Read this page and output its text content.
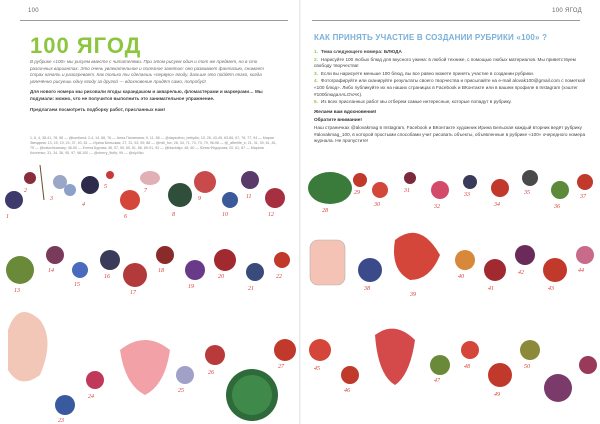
100
100 ЯГОД

В рубрике «100» мы рисуем вместе с читателями. При этом рисуем один и тот же предмет, но в сто различных вариантах. Это очень увлекательное и полезное занятие: оно развивает фантазию, снимает страх начать и разогревает. Как только ты сделаешь «первую» ягоду, дальше это пойдёт легко, когда увлечённо рисуешь одну ягоду за другой — вдохновение придёт само, попробуй!

Для нового номера мы рисовали ягоды карандашом и акварелью, фломастерами и маркерами… Мы подумали: можно, что не получится выполнить это занимательное упражнение.

Предлагаем посмотреть подборку работ, присланных нам!

1, 6, 4, 38-41, 78, 98 — @tomiland; 2-4, 14, 66, 76 — Анна Пилаткина; 5, 11, 58 — @daysofmo_bettydis; 10, 26, 43-45, 63-66, 67, 76, 77, 94 — Мария Звездина; 13, 15, 19, 24, 37, 40, 81 — Ирина Бельская; 27, 31, 53, 59, 88 — @mili_fox; 28, 34, 71, 73, 74, 79, 96-98 — @_afterlife_s; 21, 31, 39, 61, 81, 79 — @natochkamary; 46-50 — Елена Бурова; 46, 57, 59, 65, 81, 86, 89-91, 93 — @blacktsjo; 48, 60 — Юлия Фёдорова; 20, 61, 87 — Марина Костенко; 31, 34, 36, 95, 97, 98-100 — @cherry_fluffy; 99 — @sly.lilko.
100 ЯГОД
КАК ПРИНЯТЬ УЧАСТИЕ В СОЗДАНИИ РУБРИКИ «100» ?
1. Тема следующего номера: БЛЮДА
2. Нарисуйте 100 любых блюд для вкусного ужина: в любой технике, с помощью любых материалов. Мы приветствуем свободу творчества!
3. Если вы нарисуете меньше 100 блюд, вы все равно можете принять участие в создании рубрики.
4. Фотографируйте или сканируйте результаты своего творчества и присылайте на e-mail alovak100@gmail.com с пометкой «100 блюд». Либо публикуйте их на наших страницах в Facebook и ВКонтакте или в вашем профиле в Instagram (хэштег #100блюдалALOVAK).
5. Из всех присланных работ мы отберем самые интересные, которые попадут в рубрику.
Желаем вам вдохновения!
Обратите внимание!
Наш страничках @alovakmag в Instagram, Facebook и ВКонтакте художник Ирина Бельская каждый вторник ведёт рубрику #alovakmag_100, в которой простыми способами учит рисовать объекты, объявленные в рубрике «100» очередного номера журнала. Не пропустите!
1
2
3
4
5
6
7
8
9
10
11
12
13
14
15
16
17
18
19
20
21
22
23
24
25
26
27
28
29
30
31
32
33
34
35
36
37
38
39
40
41
42
43
44
45
46
47
48
49
50
